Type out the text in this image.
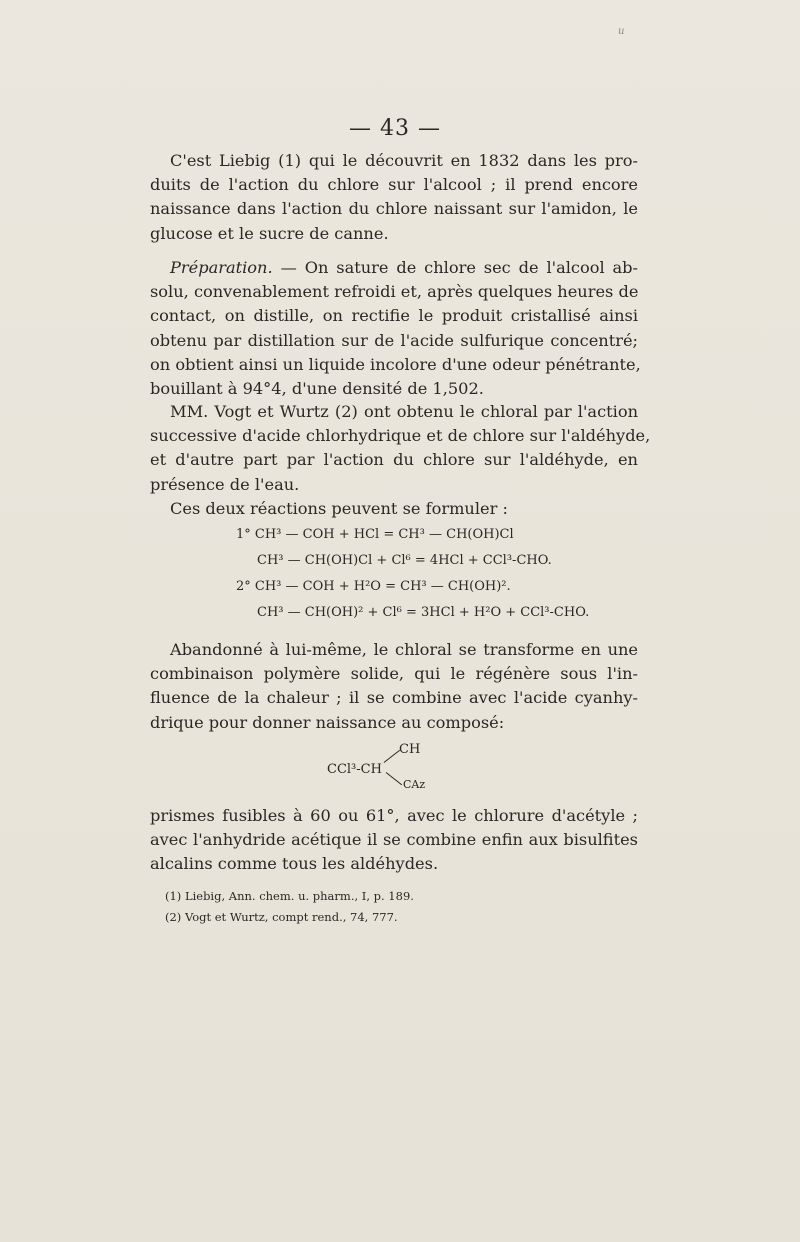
u
— 43 —
C'est Liebig (1) qui le découvrit en 1832 dans les pro-
duits de l'action du chlore sur l'alcool ; il prend encore
naissance dans l'action du chlore naissant sur l'amidon, le
glucose et le sucre de canne.
Préparation. — On sature de chlore sec de l'alcool ab-
solu, convenablement refroidi et, après quelques heures de
contact, on distille, on rectifie le produit cristallisé ainsi
obtenu par distillation sur de l'acide sulfurique concentré;
on obtient ainsi un liquide incolore d'une odeur pénétrante,
bouillant à 94°4, d'une densité de 1,502.
MM. Vogt et Wurtz (2) ont obtenu le chloral par l'action
successive d'acide chlorhydrique et de chlore sur l'aldéhyde,
et d'autre part par l'action du chlore sur l'aldéhyde, en
présence de l'eau.
Ces deux réactions peuvent se formuler :
1° CH³ — COH + HCl = CH³ — CH(OH)Cl
CH³ — CH(OH)Cl + Cl⁶ = 4HCl + CCl³-CHO.
2° CH³ — COH + H²O = CH³ — CH(OH)².
CH³ — CH(OH)² + Cl⁶ = 3HCl + H²O + CCl³-CHO.
Abandonné à lui-même, le chloral se transforme en une
combinaison polymère solide, qui le régénère sous l'in-
fluence de la chaleur ; il se combine avec l'acide cyanhy-
drique pour donner naissance au composé:
CH
CCl³-CH
CAz
prismes fusibles à 60 ou 61°, avec le chlorure d'acétyle ;
avec l'anhydride acétique il se combine enfin aux bisulfites
alcalins comme tous les aldéhydes.
(1) Liebig, Ann. chem. u. pharm., I, p. 189.
(2) Vogt et Wurtz, compt rend., 74, 777.
